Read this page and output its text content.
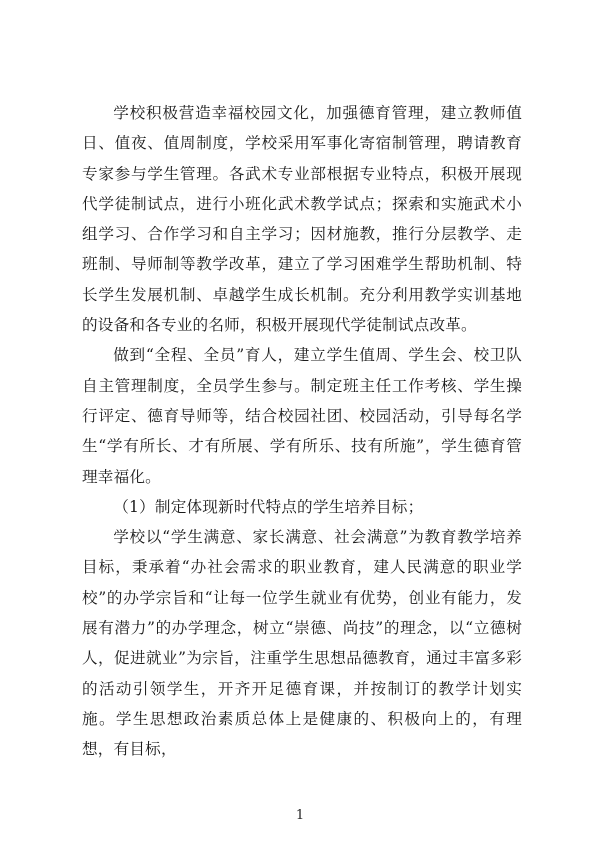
学校积极营造幸福校园文化，加强德育管理，建立教师值日、值夜、值周制度，学校采用军事化寄宿制管理，聘请教育专家参与学生管理。各武术专业部根据专业特点，积极开展现代学徒制试点，进行小班化武术教学试点；探索和实施武术小组学习、合作学习和自主学习；因材施教，推行分层教学、走班制、导师制等教学改革，建立了学习困难学生帮助机制、特长学生发展机制、卓越学生成长机制。充分利用教学实训基地的设备和各专业的名师，积极开展现代学徒制试点改革。

做到“全程、全员”育人，建立学生值周、学生会、校卫队自主管理制度，全员学生参与。制定班主任工作考核、学生操行评定、德育导师等，结合校园社团、校园活动，引导每名学生“学有所长、才有所展、学有所乐、技有所施”，学生德育管理幸福化。

（1）制定体现新时代特点的学生培养目标；

学校以“学生满意、家长满意、社会满意”为教育教学培养目标，秉承着“办社会需求的职业教育，建人民满意的职业学校”的办学宗旨和“让每一位学生就业有优势，创业有能力，发展有潜力”的办学理念，树立“崇德、尚技”的理念，以“立德树人，促进就业”为宗旨，注重学生思想品德教育，通过丰富多彩的活动引领学生，开齐开足德育课，并按制订的教学计划实施。学生思想政治素质总体上是健康的、积极向上的，有理想，有目标，

1
